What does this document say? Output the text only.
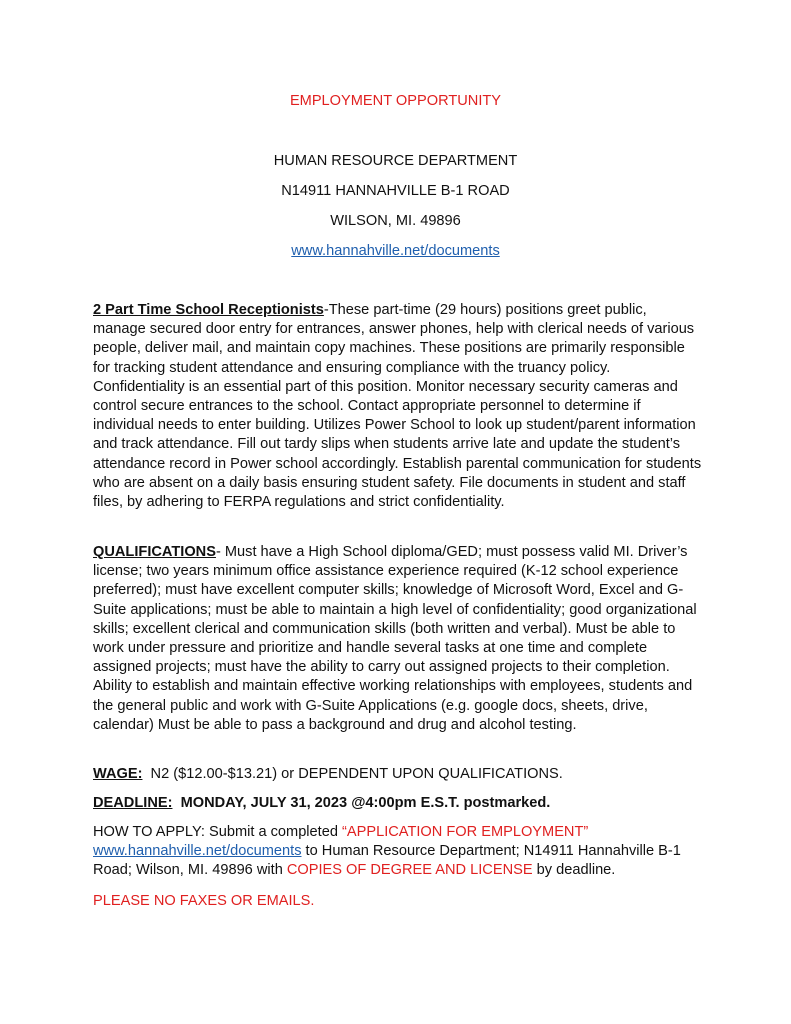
EMPLOYMENT OPPORTUNITY
HUMAN RESOURCE DEPARTMENT
N14911 HANNAHVILLE B-1 ROAD
WILSON, MI. 49896
www.hannahville.net/documents
2 Part Time School Receptionists-These part-time (29 hours) positions greet public, manage secured door entry for entrances, answer phones, help with clerical needs of various people, deliver mail, and maintain copy machines. These positions are primarily responsible for tracking student attendance and ensuring compliance with the truancy policy. Confidentiality is an essential part of this position. Monitor necessary security cameras and control secure entrances to the school. Contact appropriate personnel to determine if individual needs to enter building. Utilizes Power School to look up student/parent information and track attendance. Fill out tardy slips when students arrive late and update the student’s attendance record in Power school accordingly. Establish parental communication for students who are absent on a daily basis ensuring student safety. File documents in student and staff files, by adhering to FERPA regulations and strict confidentiality.
QUALIFICATIONS- Must have a High School diploma/GED; must possess valid MI. Driver’s license; two years minimum office assistance experience required (K-12 school experience preferred); must have excellent computer skills; knowledge of Microsoft Word, Excel and G-Suite applications; must be able to maintain a high level of confidentiality; good organizational skills; excellent clerical and communication skills (both written and verbal). Must be able to work under pressure and prioritize and handle several tasks at one time and complete assigned projects; must have the ability to carry out assigned projects to their completion. Ability to establish and maintain effective working relationships with employees, students and the general public and work with G-Suite Applications (e.g. google docs, sheets, drive, calendar) Must be able to pass a background and drug and alcohol testing.
WAGE:  N2 ($12.00-$13.21) or DEPENDENT UPON QUALIFICATIONS.
DEADLINE:  MONDAY, JULY 31, 2023 @4:00pm E.S.T. postmarked.
HOW TO APPLY: Submit a completed “APPLICATION FOR EMPLOYMENT” www.hannahville.net/documents to Human Resource Department; N14911 Hannahville B-1 Road; Wilson, MI. 49896 with COPIES OF DEGREE AND LICENSE by deadline.
PLEASE NO FAXES OR EMAILS.
